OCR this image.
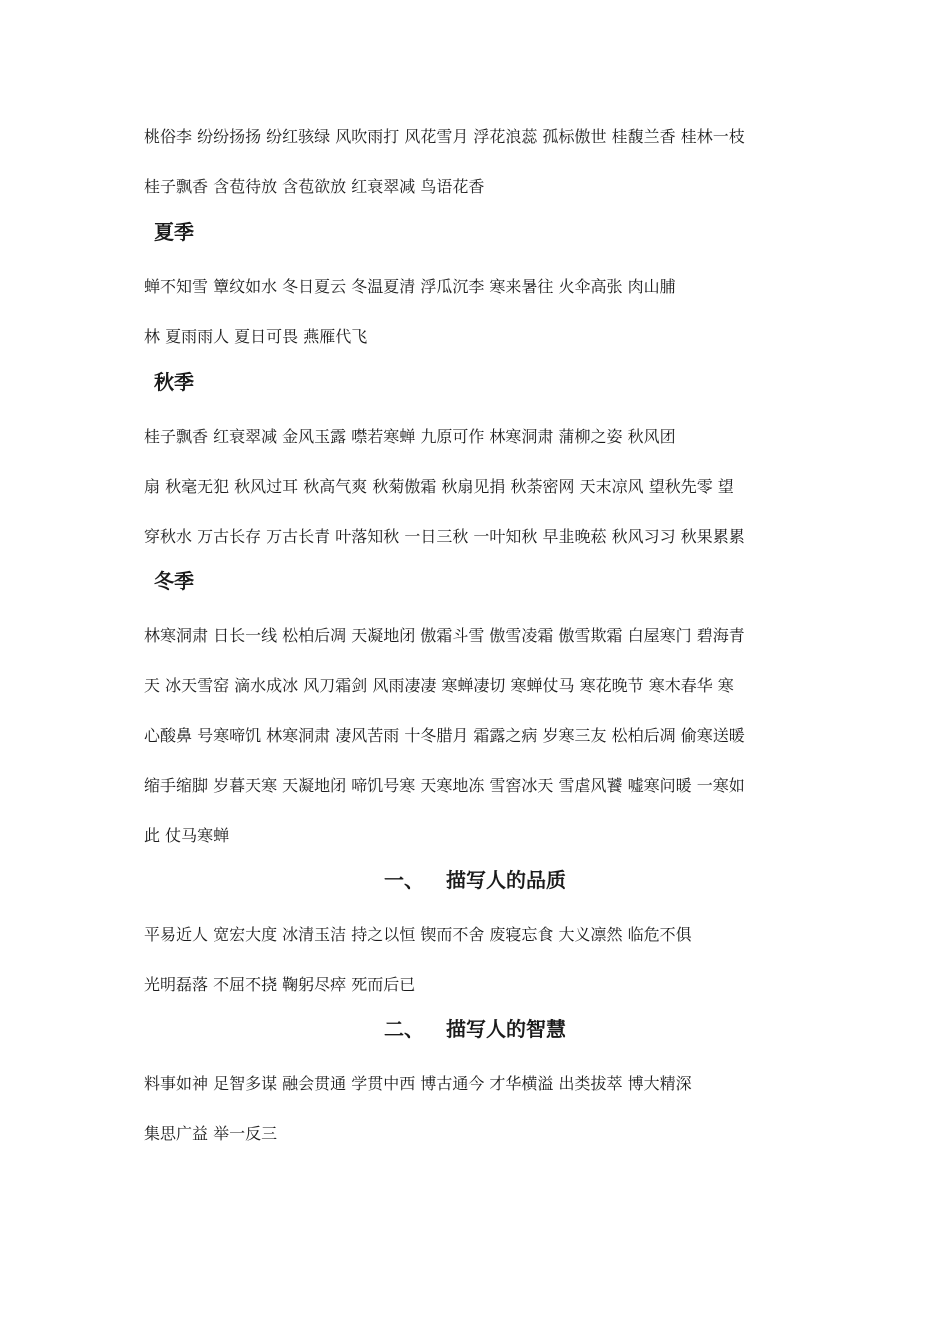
桃俗李 纷纷扬扬 纷红骇绿 风吹雨打 风花雪月 浮花浪蕊 孤标傲世 桂馥兰香 桂林一枝
桂子飘香 含苞待放 含苞欲放 红衰翠减 鸟语花香
夏季
蝉不知雪 簟纹如水 冬日夏云 冬温夏清 浮瓜沉李 寒来暑往 火伞高张 肉山脯
林 夏雨雨人 夏日可畏 燕雁代飞
秋季
桂子飘香 红衰翠减 金风玉露 噤若寒蝉 九原可作 林寒洞肃 蒲柳之姿 秋风团
扇 秋毫无犯 秋风过耳 秋高气爽 秋菊傲霜 秋扇见捐 秋荼密网 天末凉风 望秋先零 望
穿秋水 万古长存 万古长青 叶落知秋 一日三秋 一叶知秋 早韭晚菘 秋风习习 秋果累累
冬季
林寒洞肃 日长一线 松柏后凋 天凝地闭 傲霜斗雪 傲雪凌霜 傲雪欺霜 白屋寒门 碧海青
天 冰天雪窑 滴水成冰 风刀霜剑 风雨凄凄 寒蝉凄切 寒蝉仗马 寒花晚节 寒木春华 寒
心酸鼻 号寒啼饥 林寒洞肃 凄风苦雨 十冬腊月 霜露之病 岁寒三友 松柏后凋 偷寒送暖
缩手缩脚 岁暮天寒 天凝地闭 啼饥号寒 天寒地冻 雪窖冰天 雪虐风饕 嘘寒问暖 一寒如
此 仗马寒蝉
一、 描写人的品质
平易近人 宽宏大度 冰清玉洁 持之以恒 锲而不舍 废寝忘食 大义凛然 临危不俱
光明磊落 不屈不挠 鞠躬尽瘁 死而后已
二、 描写人的智慧
料事如神 足智多谋 融会贯通 学贯中西 博古通今 才华横溢 出类拔萃 博大精深
集思广益 举一反三
